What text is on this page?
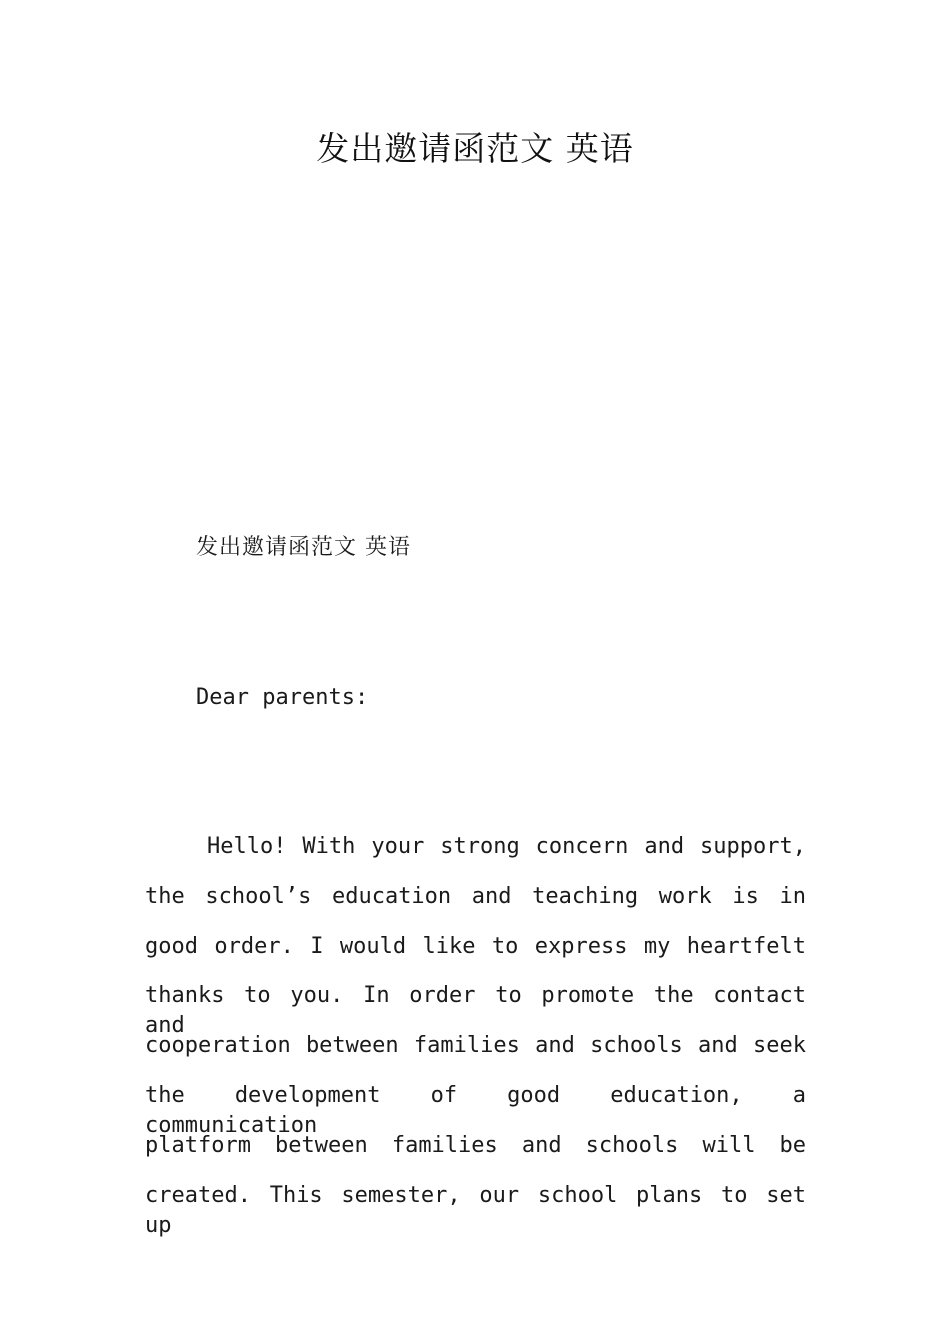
发出邀请函范文 英语

发出邀请函范文 英语

Dear parents:

Hello! With your strong concern and support,
the school’s education and teaching work is in
good order. I would like to express my heartfelt
thanks to you. In order to promote the contact and
cooperation between families and schools and seek
the development of good education, a communication
platform between families and schools will be
created. This semester, our school plans to set up
